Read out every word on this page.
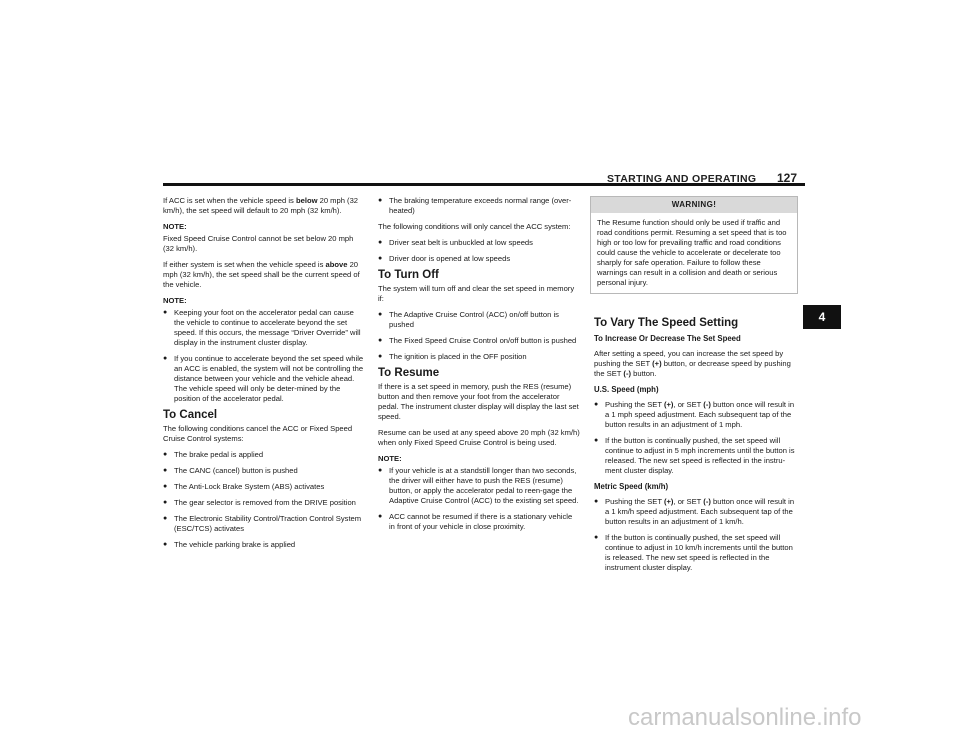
STARTING AND OPERATING 127

If ACC is set when the vehicle speed is below 20 mph (32 km/h), the set speed will default to 20 mph (32 km/h).

NOTE:

Fixed Speed Cruise Control cannot be set below 20 mph (32 km/h).

If either system is set when the vehicle speed is above 20 mph (32 km/h), the set speed shall be the current speed of the vehicle.

NOTE:
● Keeping your foot on the accelerator pedal can cause the vehicle to continue to accelerate beyond the set speed. If this occurs, the message “Driver Override” will display in the instrument cluster display.
● If you continue to accelerate beyond the set speed while an ACC is enabled, the system will not be controlling the distance between your vehicle and the vehicle ahead. The vehicle speed will only be deter-mined by the position of the accelerator pedal.
To Cancel

The following conditions cancel the ACC or Fixed Speed Cruise Control systems:

● The brake pedal is applied
● The CANC (cancel) button is pushed
● The Anti-Lock Brake System (ABS) activates
● The gear selector is removed from the DRIVE position
● The Electronic Stability Control/Traction Control System (ESC/TCS) activates
● The vehicle parking brake is applied
● The braking temperature exceeds normal range (over-heated)

The following conditions will only cancel the ACC system:

● Driver seat belt is unbuckled at low speeds
● Driver door is opened at low speeds
To Turn Off

The system will turn off and clear the set speed in memory if:

● The Adaptive Cruise Control (ACC) on/off button is pushed
● The Fixed Speed Cruise Control on/off button is pushed
● The ignition is placed in the OFF position
To Resume

If there is a set speed in memory, push the RES (resume) button and then remove your foot from the accelerator pedal. The instrument cluster display will display the last set speed.

Resume can be used at any speed above 20 mph (32 km/h) when only Fixed Speed Cruise Control is being used.

NOTE:
● If your vehicle is at a standstill longer than two seconds, the driver will either have to push the RES (resume) button, or apply the accelerator pedal to reen-gage the Adaptive Cruise Control (ACC) to the existing set speed.
● ACC cannot be resumed if there is a stationary vehicle in front of your vehicle in close proximity.
WARNING!
The Resume function should only be used if traffic and road conditions permit. Resuming a set speed that is too high or too low for prevailing traffic and road conditions could cause the vehicle to accelerate or decelerate too sharply for safe operation. Failure to follow these warnings can result in a collision and death or serious personal injury.
To Vary The Speed Setting
To Increase Or Decrease The Set Speed

After setting a speed, you can increase the set speed by pushing the SET (+) button, or decrease speed by pushing the SET (-) button.

U.S. Speed (mph)
● Pushing the SET (+), or SET (-) button once will result in a 1 mph speed adjustment. Each subsequent tap of the button results in an adjustment of 1 mph.
● If the button is continually pushed, the set speed will continue to adjust in 5 mph increments until the button is released. The new set speed is reflected in the instru-ment cluster display.
Metric Speed (km/h)
● Pushing the SET (+), or SET (-) button once will result in a 1 km/h speed adjustment. Each subsequent tap of the button results in an adjustment of 1 km/h.
● If the button is continually pushed, the set speed will continue to adjust in 10 km/h increments until the button is released. The new set speed is reflected in the instrument cluster display.
4
carmanualsonline.info
